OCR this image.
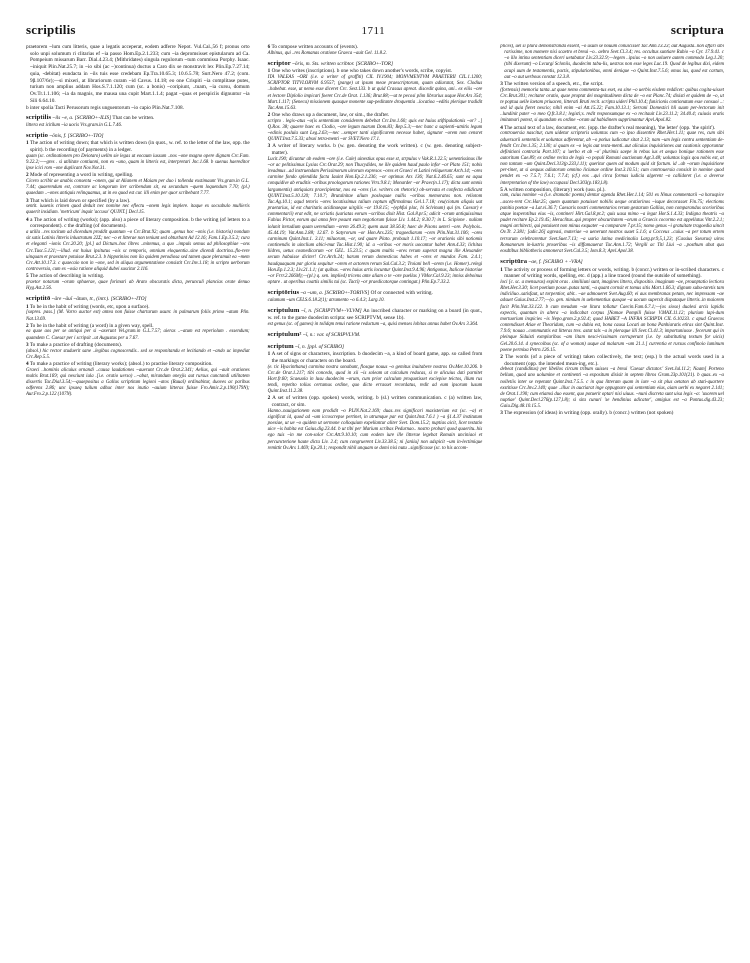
scriptilis	1711	scriptura

praetorem ~lum cum litteris, quae a legatis acceperat, eodem adferre Nepot. Vul.Cal.,56 f; pronus orto solo unpi solumum ri clitarias ef ~ia passo Hom.Ep.2.1.233; cum ~ia depromsisset epistularum ad Ca. Pompeium missarum Barr. Dial.4.23.4; (Mithridates) singula regulorum ~tum commissa Porphy. Isaac. ~iniquit Plin.Nat.25.7; in ~io sibi (ac ~)continua) ductus a Caro dix se monstravit lex Plin.Ep.7.27.14; quia, -debitat) eundacta in ~ils tuis esse credebam Ep.Tra.10.65.3; 10.6.5.78; Surt.Nero 47.2; (com. 9β.107/6ε);—si mixeri, at librariorum curam ~id Cavus. 14.18; eo one Crispiti ~ia complitase putes, turium non amplius addam Hos.S.7.1.120; cum (sc. a bonis) ~coripiunt, ..tuam, ~ia cursu, domum Ov.Tr.1.1.106; ~ia da magnis, me mausa una cupit Mart.1.1.4; pagat ~quas et perspiciis dignuntur ~ia Sili 6.64.10.

b inter spolia Tacti Perusorum regis unguentorum ~io capio Plin.Nat.7.108.

scriptilis ~ils ~e, a. [SCRIBO+-ILIS] That can be written.

littera est icitilum ~ia uocis Vrs.gram.in G.L.7.46.

scriptio ~ōnis, f. [SCRIBO+-TIO]

1 The action of writing down; that which is written down (in quot., w. ref. to the letter of the law, opp. the spirit). b the recording (of payments) in a ledger.

quam (sc. ordinationem pro Deiotaro) uellm sie legas ut eocaum iussum ..nos ~one magno opere dignam Crc.Fam. 9.22.2;—~gres . si utilitate contiunni, non ex ~uno, quam in litteris est, interpretari Jnc.1.68. b suenus haereditor ipse icici rom ~one duplicant Nov.Not.31.

2 Mode of representing a word in writing, spelling.

Cicero scribit ae anabis consenta ~onem, qui at Alianem et Maiam per duo i tollenda exstimaunt Vrs.gram.in G.L. 7.44; quaerendum est, contrare ac longorum iter scribendum sit, ea secundum ~quem loquendum 7.70; (pl.) quaedam ..~ones antiquis relinquamus, ut in eo quod est cur. illi enim per quor scribebant 7.77.

3 That which is laid down or specified (by a law).

sentit. iuuenis crimen quod deduit nec nomine nec eflectu ~onem legis implere. itaque ex socsabulo mullieris quaerit insidiam. 'metricum' inquit 'accuso' QUINT.] Decl.15.

4 a The action of writing (works); (app. also) a piece of literary composition. b the writing (of letters to a correspondent). c the drafting (of documents).

a utilla ..res tacitum ad dicendum proddit quantum ~o Crc.Brut.92; quam ..genus hoc ~onis (i.e. historia) nondum sit satis Latinis litteris inlustratum 22Σ; nec ~o et litterae non teniunt sed obturbant Ad 12.16; Fam.1.Ep.3.5.2; cura et eleganti ~ionis Crc.20.20; [pl.] ad Dictum..hoc libres ..mitemus, a quo ..impuls semus ad philosophiae ~ons Crc.Tusc.5.121;—illud. est huius ipsitutus ~ois sc temporis, omnium eloquentia..sine dicendi doctrina..flo-rere uinquam et praestare potuisse Brut.2.3. b hippotinios non ila quidem perodiosa sed tamen quae pleramuit ea ~mem Crc.Att.10.17.3. c quaecaio non in ~one, sed in aliqua argumentatione consistit Crc.Inv.1.18; in scripto uerborum controversia, cum ex ~osia ratione aliquid dubei suscitur 2.116.

5 The action of describing in writing.

praetor notarum ~oram sphaerae, quae forimari ab Arato obscuratis dicta, perunculi plancias orate denuo Hyg.Ast.2.56.

scriptitō ~āre ~āuī ~ātum, tr., (intr.). [SCRIBO+-ITO]

1 To be in the habit of writing (words, etc, upon a surface).

[sopres. pass.] (M. Varro auctor est) antea non fuisse chartarum usum: in palmarum foliis primo ~atum Plin. Nat.13.69.

2 To be in the habit of writing (a word) in a given way, spell.

ea quae aos per se antiqui per si ~axerunt Vel.gram.in G.L.7.57; aieras ..~atum est reperiolum . essendum; quamdem C. Caesar per i scripsit ..ut Augustus per u 7.67.

3 To make a practice of drafting (documents).

(absol.) hic rector studuerit sane ..legibus cognoscendis.. sed se responitandu et lecitiando et ~ando uc impediat Crc.Rep.5.5.

4 To make a practice of writing (literary works); (absol.) to practise literary composition.

Graeci ..hominis alicuius ornandi ..causa laudationes ~auerunt Crc.de Orat.2.341; Aelius, qui ~auit orationes multis Brut.169; qui nesciunt iula .[i.e. oratio uerso) ..~abat, mirandum oneyjis aut rursus cunctandi utilitatem dissertis Tac.Dial.3.54;—quaepositus a Gallus scriptitam legioni ~atos (Ruual) ordinabitur, duoves ac paribus odferens 2.86; unc ipsaeq tuilum adhuc inter nos inutio ~auium litteras fuisse Fro.Amic.2.p.190(179N); Aur.Fro.2.p.122 (107N).

6 To compose written accounts of (events).

Albinus, qui ..res Romanas oratione Graeca ~auit Gel. 11.8.2.

scriptor ~ōris, m. Sts. written scribtor. [SCRIBO+-TOR]

1 One who writes (inscriptions). b one who takes down another's words, scribe, copyist.

ITA VALEAS ~ORI (i.e. a writer of graffiti) CIL IV.1904; MONVMENTVM PRAETERII CIL.1.1200; SCRIPTOR TITVLORVM 6.9557; (pange) ut ipsum meae praescriptorum, quam adiuratat, Sex. Clodius ..habebat. esse, ut nemo esse diceret Crc. Sest.133. b ut quid Crassus apreat. discedit quina, ani.. ex eiiis ~ore et lectore Diplolio impicari foeret Crc.de Orat. 1.136; Brut.88;—ut te pecosi plim librarius usque Hor.Ars 354; Mart.1.117; (Seneca) missionem quasque monente sup-peditante droquentia ..locatioa ~editis plerique tradidit Tac.Ann.15.63.

2 One who draws up a document, law, or sim., the drafter.

scripto . legis~atus ~o(is sententiam considerem debebat Crc.Inv.1.60; quis est huius stiftipulationis ~or? ..] Q.Ros. 38; quaere haec ex Clodio, ~ore legum tuarum Dom.83; Rep.5.3;—nec hanc a sapienti~utnitis legum ~edinis poslula sunt Leg.2.63;—nec ..semper tanti significarem necesse habet, signutor ~orem non censret QUINT.Inst.7.5.33; absoi tetra-menti ~or SVET.Nero 17.1.

3 A writer of literary works. b (w. gen. denoting the work written). c (w. gen. denoting subject-matter).

Lucit.190; dicuntur ab eodem ~ore (i.e. Cale) uinestius opus esse st, strpulus v Vak.R.1.22.5; uenentissinus ille ~or ac pelitissimus Lysias Crc.Orat.29; non Thucydides, ne ille quidem haud paulo infor ~or Plato 151; nobis ireadmus ..ad instruendam Perissimorum uirorum expresos ~ores et Graeci et Latini reliquerunt Arch.14; ~ores carmine fondo splendida facta Iauint Hon.Ep.2.1.236; ~or optimus Ars 136; Nat.6.2.46.65; sunt ea aqua conquidive ab eruditis ~oribus proologorum rationes Vrrs.9.8.1; Monarder ~or Praec(n.1.17); dicta sunt omnis largumentis) antiquiars praecipientur, nos ea ~ores (i.e. writers on rhetoric) ob-servata et confecta edidicunt QUINT.Inst.5.10.120; 7.10.7; Brutalnitae alium posloquae nullis ~oribus memoratos non. reliotom Tac.Ag.10.1; aqud tetoris ~ores locatissimus talium coptum offirmalmus Gel.1.7.18; ceu(ciotum aliquis uat praetarius, id est charitatis acidinaeque uirgilis ~or 19.8.15; ~(ephfui plac, hi Sclvinum) qui (m. Caesar) e commentarii) erat edit, ne scriatis (uariatas eorum ~scribus dixit Hist. Gal.8.pr.5; adicit ~orum antiquissimus Fabius Pictor, eorum qui anna fere posunt eum negotiorum fuisse Liv. 1.44.2; 8.30.7; in L. Scipione . nullam iolunit iterudium quam uerendium ~orem 26.49.3; quem auut 38.56.8; haec de Pisons ueteri ~ore. Polybois.. 45.44.19; Vat.Ann.2.88; 12.67. b Satyrorum ~or Hon.Ars.235; tragoediarum ~cem Plin.Nat.31.106; ~ores carminum Quint.Inst.1. 3.11; miluorum, ~or, sed quare Plato. probauit 1.10.17; ~or orationis sibi notiomis continendis in uinclium abici-mut Tac.Hist.1.90; id. a ~oribus ~or moris uocantur habet Ann.4.33; lichitas liidrex, uetus cosmedicarum ~or GEL. 15.23.5; c quam multis ~ores rerum superat magna ille Alexander secum habuisse diciter! Crc.Arch.24; harum rerum domesticus habes et ~ores et mundos Fam. 2.4.1; baudquaquam par gloria sequitur ~orem et actorem rerum Sal.Cal.3.2; Troiani bell ~orem (i.e. Homer)..relegi Hon.Ep.1.2.3; Liv.21.1.1; (at quibus. ~ores huius artis locuntur Quint.Inst.9.4.96; Antigonus, Italicae historiae ~or Frrr.2.266M);—(pl.) q. sen. implied) tricens ante aliam o te ~ore puellas ) VMor.Cal.9.23; inniss deboinus optare . ut operibus coattis similis tui (sc. Tacti) ~or praedicatorque contingat.) Plin.Ep.7.33.2.

scriptōrius ~a ~um, a. [SCRIBO+-TORIVS] Of or connected with writing.

calamum ~um CELS.6.18.2(1); atramento ~o 6.4.3; Larg.10.

scriptulum ~ī, n. [SCRIPTVM+-VLVM] An inscribed character or marking on a board (in quot., w. ref. to the game duodecim scripta: see SCRIPTVM, sense 1b).

est genus (sc. of games) in tolidqm tenui ratione reductum ~a, quisi menses lobitas annus habet Ov.Ars 3.364.

scriptulum² ~ī, n.: var. of SCRIPVLVM.
scriptum ~ī, n. [ppl. of SCRIBO]

1 A set of signs or characters, inscription. b duodecim ~a, a kind of board game, app. so called from the markings or characters on the board.

(e. tic Hyacinthana) carmina nostra sonabunt, flosque nouus ~o gemitus inuitabere nostros Ov.Met.10.206. b Crc.de Orat.1.217; tibi concedo, quod in xii ~is soleam ut calculum reducas, si te alicuius dati parnitet Hort.fr.60; Scaeuola in lusu duodecim ~orum, cum prior calculum proquotisset exciepise teictos, illum rus tendi, repetito tolius certamus ordine, quo dicto errasset recordatus, redit ad eum ipsorum lusum Quint.Inst.11.2.38.

2 A set of written (opp. spoken) words, writing. b (sl.) written communication. c (a) written law, contract, or sim.

Hanno..nauigationem eam prodidit ~o PLIN.Nat.2.169; duas..res significari maxisterium est (sc. ~a) et significat id, quod ad ~um iccoscrepse pertinet, in utrumque par est Quint.Inst.7.6.1 ) ~a §1.4.37 institutum poesiae, ut ue ~o quidem ut sermone colloquium expellantur aliter Svet. Dom.15.2; nuptias aicit, licet testatio uice ~is habita est Gaius.dig.23.44. b ut tibi per Marium scribas Pedurnao.. nostro probari quod quaeritu..his ego tuis ~in me con-solor Crc.Att.9.10.10; cum eodem iure ille litterae legebat Romain unciniaoi et percunctetione haute dicta Liv. 2.4; cum congruerent Liv.33.38.5; ni [aniiu] non adspicit ~um in-lectimique remittit Ov.Ars 1.469; Ep.20.1; respondit nihil unquam se domi nisi nutu ..significasse (sc. to his accom-

plices), uel si plura demonstranda essent, ~o usum se nouum conuicisset Tac.Ann.13.23; aut Augusta..non affari sibi rarissime, non momere nisi scaetro et breui ~o.. aebro Svet.Cl.3.4; res. occultus suntiare Rubio ~o Cyr. 17.9.41. c ~o illo intinu sententiam diceri uetabatur Liv.23.32.9;—legem ..ipsius ~o non uoluere autem commodo Leg.1.20; (tibi dixerunt) ~o Lvcurgi Scloniis, duodecim tabu-lis, uestras non esse leges Luc.19. Quod de legibus dixi, eidem acupi uum de testamentis, pactis, stipulationibus, omni denique ~o Quint.Inst.7.5.6; omus ius, quod est cartum, aut ~o aut uerbous constat 12.3.8.

3 The written version of a speech, etc., the script.

(fortensis) memoria tanta..ut quae nemo commenta-tus eset, ea sine ~o uerbis eisdem reddicet: quibus cogita-uisset Crc.Brut.301; recitator oratio, quae proptat dei magnitudinem dicta de ~o est Planc.74; dixisti et quidem de ~o, ut te poptua uelle laetam priuacen, litterati Bruti recit. scripta uideri Phil.10.4; funicionis contionatum esse consuoi ..: sed id quia fieret nescio; nihil enim ~ai Att.15.22; Fam.10.13.1; Serrani Domestici hli suum per-lectorum init ..lundinit pater ~o meo Q.fr.3.8.1; legisti;s. redit responsumque ex ~o recitauit Liv.23.11.2; 34.40.4; cuiusis oratis imitamari potest, si quandam ex ordine ~oram ad habidinem supprimantur Apvl.Apol.82.

4 The actual text of a law, document, etc. (opp. the drafter's real meaning), 'the letter' (opp. 'the spirit').

controuersia nascitur, cum uidetur scriptoris uoluntas cum ~o ipso dissentire Rhet.Her.1.11; quae res, cum sibi aduersarii sententiis et uoluntas adferentur, ab ~o potius iudicatur sitat 2.13; nam ~um legis contra sententiam de-fendit Crc.Inv.1.35; 2.130; si quam ex ~o legis aut testa-menti..aut alicuius inquisitiones aut cautionis opporuntur definitioni contraria Part.107; a 'uerbo et ab ~o' plurimis saepe in rebus ius et aequo bonique rationem esse autoritum Cae.89; ex ordine recita de legis ~o populi Romani auctionum Agr.3.48; uoluntas logis qou nobis est, at non tantum ~um Quint.Decl.313(p.233,l.11); queritur quem ad modum quid sit factum. id ..ab ~orum inquisitione per-tinet, ut si aequus adiutorum omnino liciunae ordine Inst.3.10.51; cum controuersia consisit in nomine quod pendet ex ~o 7.5.7; 7.6.1; 7.7.4; (cf.) eos ..qui circa formas iudicia algerent ~o callidoret (i.e. a deverse interpretation of the law) occupassi Decl.303(p.183,l.8).

5 A written composition, (literary) work (usu. pl.).

cum, cuius nomine ~a (i.e. dramatic poems) dentur agenda Rhet.Her.1.14; 501 ex Ninus commentarii ~a haruspice ..asces-rent Crc.Har.25; quem quantum potuisset nobilis aeque oratiorinos ~isque decorasset Fin.75; electioms panitia poetae ~a Lat.vi.36.7; Caesaris nostri commentarios rerum gestarum Gallias, non comparandus scorioribus atque insperotibus eius ~is, contineri Hirt.Gal.8.pr.2; quis uasa mimo ~a legat Hor.S.1.4.33; Indigna theatris ~a pudet recitare Ep.2.19.45; Heraclitus..qui propter obscuritatem ~orum a Graecis cocormo est appellatus Vitr.2.2.1; magni architecti, qui potuisent non minus exquater ~a comparare 7.pr.15; nomo genus ~i gratuitate tragoedia uincit Ov.Tr. 2.381; [adic.26] agreasi, materiae ~o uenerunt nostros suaet 5.1.6; a Cocceus ..cuius ~a per totum ortem terrarum celebrarentur Svet.Suet.7.13; ~a uaria latina medicinalia Larg.pr.9,5,1,23; (Cassius Sseurus) uiros Romanorum in-lustris proseribus ~is diffamauerat Tac.Ann.1.72; Vergili ac Titi Liui ~a ..posthum abut qua eosdtibus bibliothecis annonerat Svet.Cal.3.5; Iom.8.3; Apvl.Apol.38.

scriptūra ~ae, f. [SCRIBO + -VRA]

1 The activity or process of forming letters or words, writing. b (concr.) written or in-scribed characters. c manner of writing words, spelling, etc. d (app.) a line traced (round the outside of something).

loci [c. sc. a mensuras) expint oras . similiiuni sunt, imagines littera, dispositio. imaginum ~ae, prounptatio lectiora Rhet.Her.3.30; licet poetium posse..putas tanti, ~a quant cornsit et tomus sitis Mart.1.66.3; dignum subu-taretis tam indiciliuo..satisfaut, ut torpentior, abit.. ~ae admoueret Svet.Aug.60; ei aus membranas petam, nec impressam ~ae adsuet Gaius.Inst.2.77;—(o. gen. nimium in uehementius quoque ~a uocum supersit disputaque litteris..in maiorem facit Plin.Nat.33.122. b cum meudum ~ae litura tollatur Caecin.Fam.6.7.1;—(os sioso) dualesi arcis lapidis expectis, quantum in altera ~a indicabat corpus [Namae Pompili fuisse V.MAX.11.12; plurium lapi-dum mortuorium inspicies ~is Nepo.grom.2.p.92.4; quod HABET ~A INFRA SCRIPTA CIL 6.10233. c apud Graecos contendisset Atiae et Thearidum, cum ~a dubia est, bona causa Locati an bona Panhiaratis etiras sint Quint.Inst. 7.9.6; nouaa ..commutatis est litteras tres. astat tals ~a in pleraque illi Svet.Cl.41.3; importuniusse . fecerunt qui in pleinque Siduisti exmplaribus ~am litam nesci-rissimam corruperunt (i.e. by substituting textum for uicis) Gel.20.6.14. d synecoibus (sc. of a woman) usque ad malarum ~um 21.1.] currentia et rursus confinoio luminum poene permixa Petrn.126.15.

2 The words (of a piece of writing) taken collectively, the text; (esp.) b the actual words used in a document (opp. the intended mean-ing, etc.).

debeat (candiditus) per libellos circum tribum suisses ~a breui 'Caesar dictator.' Svet.Jul.11.2; Naam] Porteno bellum, quod uno uolumine et continenti ~a expositum dixisit in septem libros Gram.23p.101(21). b quas..ex ~a nolletiis inter se repetant Quint.Inst.7.5.5. c in qua litteram quam in iure ~a sit plus aetaton ab stati-quartere exstitisse Crc.Inv.2.140; quae ..illuc in auctiarat inge oppugnare qui sententiam eius, aiam uerbi ex negaret 2.141; de Orat.1.190; cum etiamsi duo essent, quo potuerit optari nisi uiuus. ~nuni discreta sunt uisa legis ~a: 'uxorem uel nuptiae' Quint.Decl.276(p.127,l.8); si sita cunuri 'se hendinius adicator', amigius est ~a Pontus.dig.43.23; Gaiu.Dig.48.10.15.5.

3 The expression (of ideas) in writing (opp. orally). b (concr.) written (not spoken)
